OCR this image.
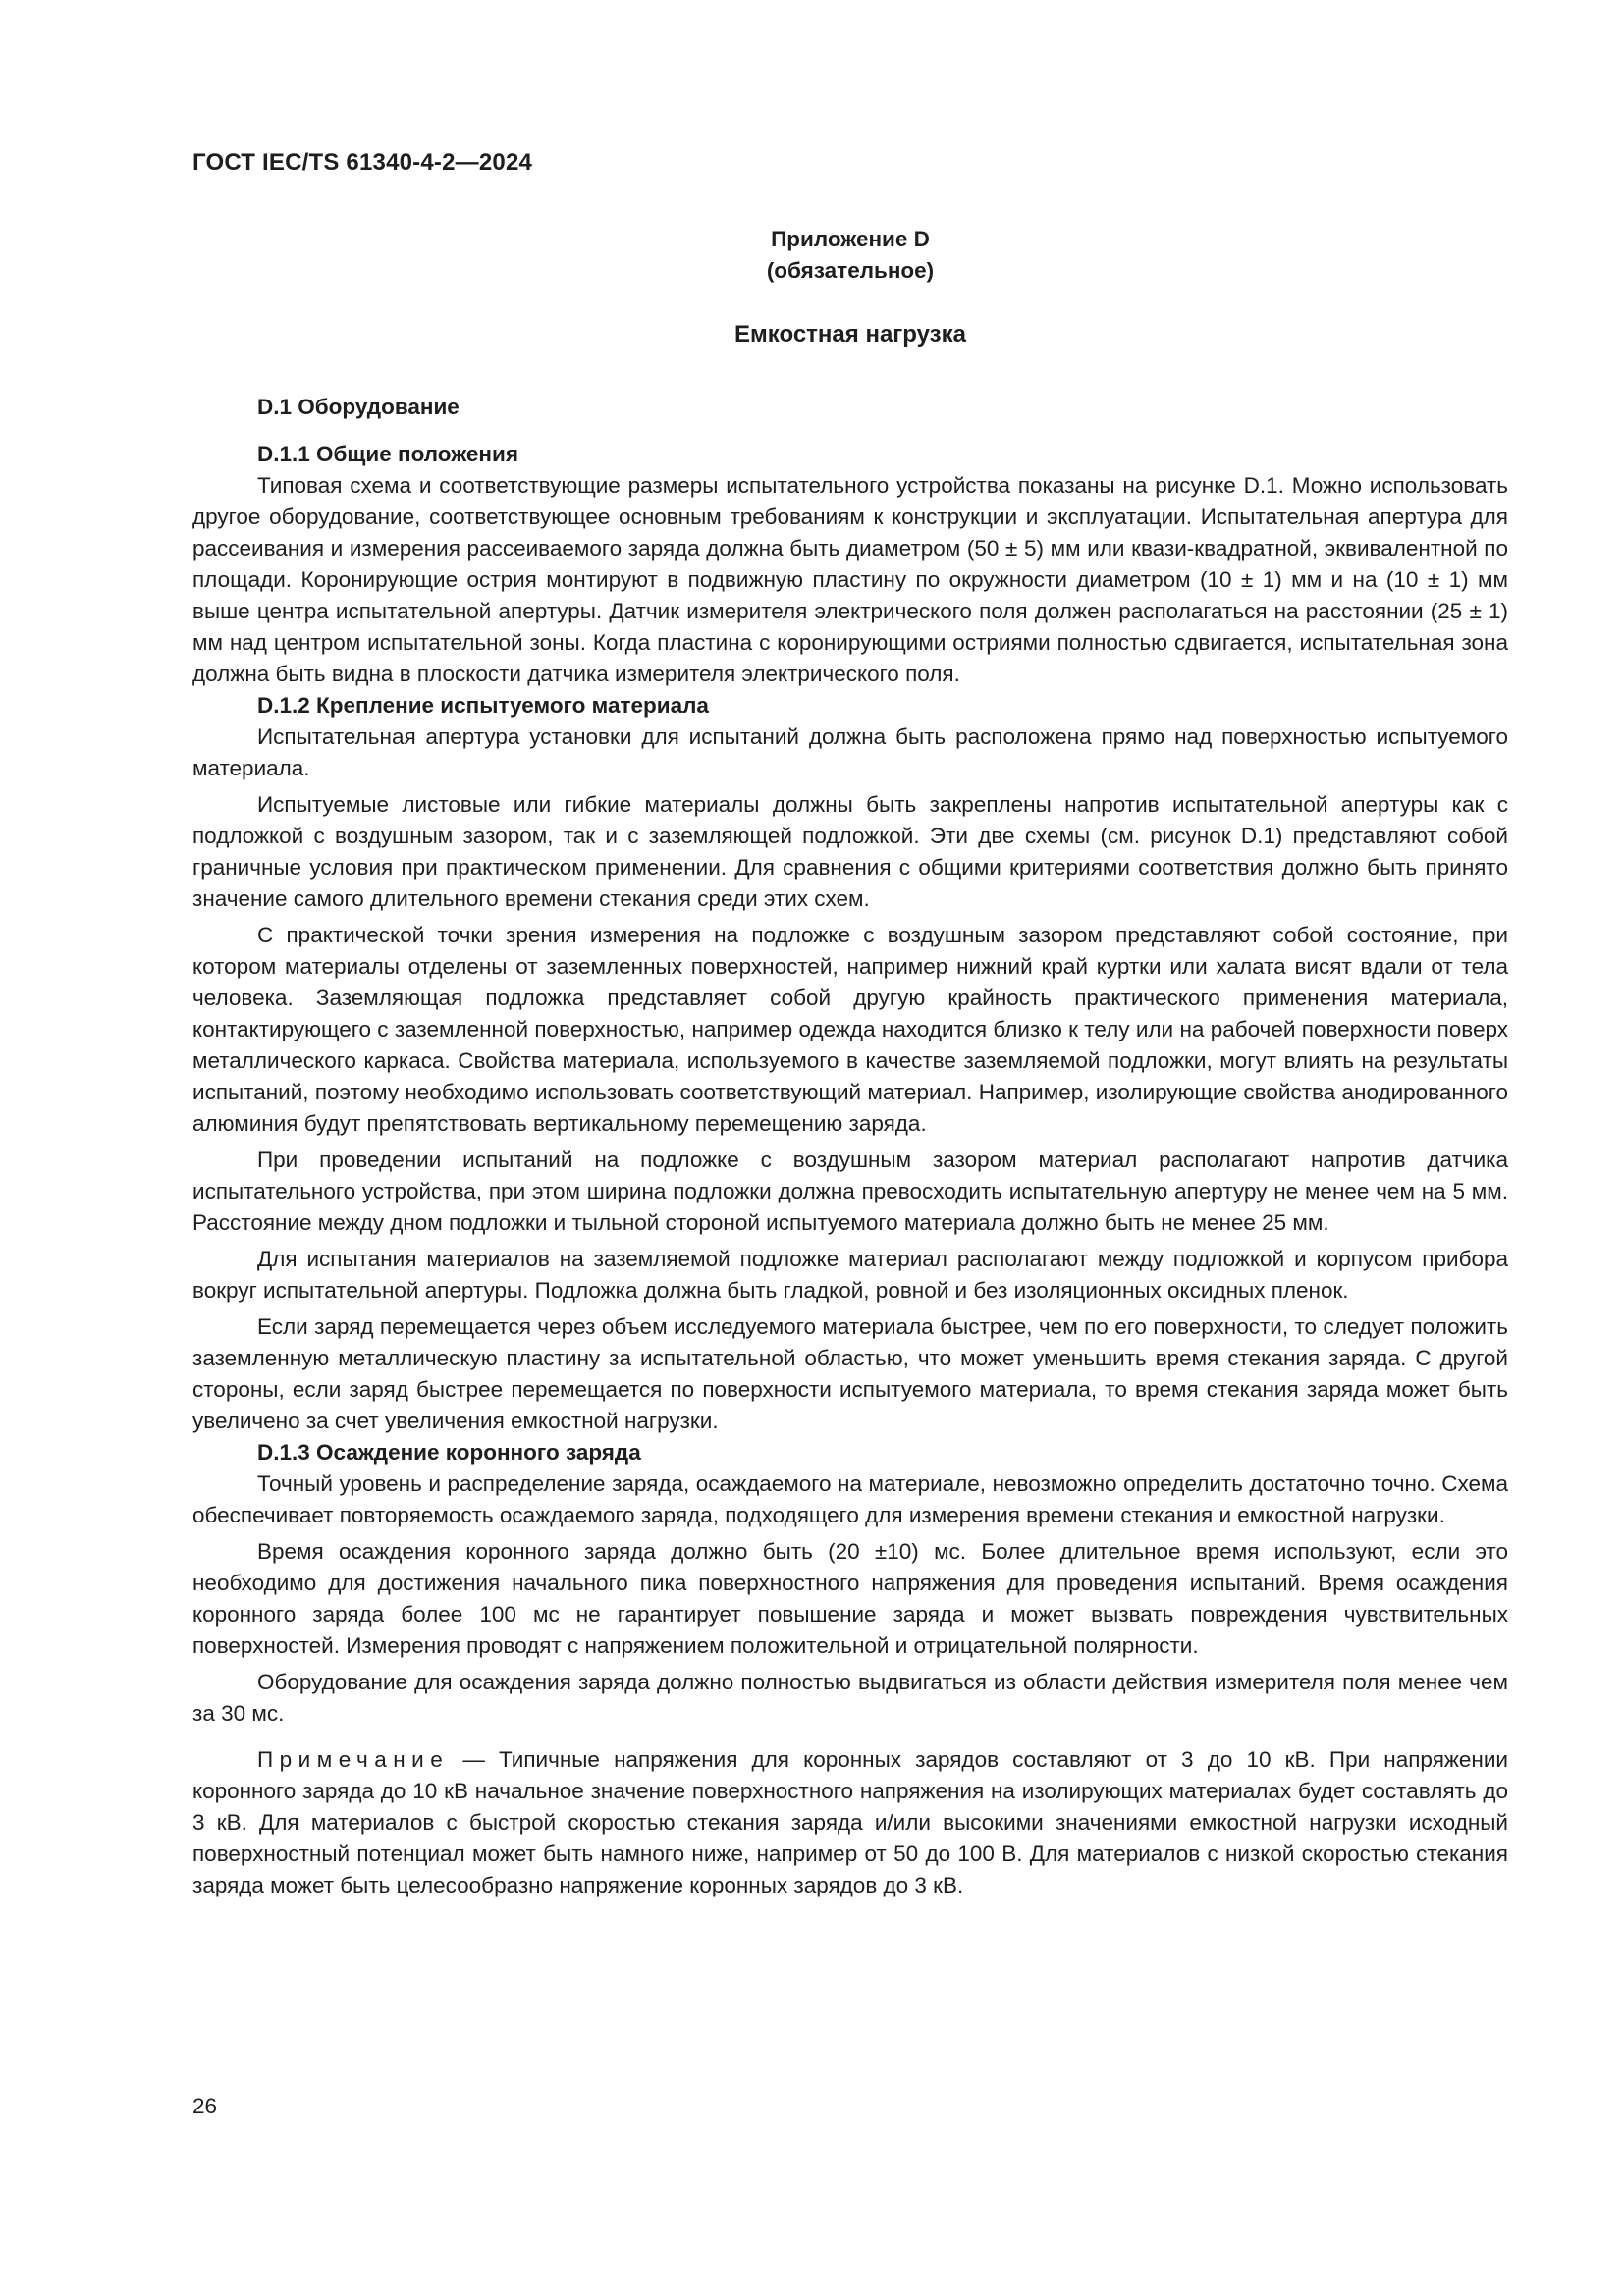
ГОСТ IEC/TS 61340-4-2—2024
Приложение D
(обязательное)
Емкостная нагрузка
D.1 Оборудование
D.1.1 Общие положения

Типовая схема и соответствующие размеры испытательного устройства показаны на рисунке D.1. Можно использовать другое оборудование, соответствующее основным требованиям к конструкции и эксплуатации. Испытательная апертура для рассеивания и измерения рассеиваемого заряда должна быть диаметром (50 ± 5) мм или квази-квадратной, эквивалентной по площади. Коронирующие острия монтируют в подвижную пластину по окружности диаметром (10 ± 1) мм и на (10 ± 1) мм выше центра испытательной апертуры. Датчик измерителя электрического поля должен располагаться на расстоянии (25 ± 1) мм над центром испытательной зоны. Когда пластина с коронирующими остриями полностью сдвигается, испытательная зона должна быть видна в плоскости датчика измерителя электрического поля.

D.1.2 Крепление испытуемого материала

Испытательная апертура установки для испытаний должна быть расположена прямо над поверхностью испытуемого материала.

Испытуемые листовые или гибкие материалы должны быть закреплены напротив испытательной апертуры как с подложкой с воздушным зазором, так и с заземляющей подложкой. Эти две схемы (см. рисунок D.1) представляют собой граничные условия при практическом применении. Для сравнения с общими критериями соответствия должно быть принято значение самого длительного времени стекания среди этих схем.

С практической точки зрения измерения на подложке с воздушным зазором представляют собой состояние, при котором материалы отделены от заземленных поверхностей, например нижний край куртки или халата висят вдали от тела человека. Заземляющая подложка представляет собой другую крайность практического применения материала, контактирующего с заземленной поверхностью, например одежда находится близко к телу или на рабочей поверхности поверх металлического каркаса. Свойства материала, используемого в качестве заземляемой подложки, могут влиять на результаты испытаний, поэтому необходимо использовать соответствующий материал. Например, изолирующие свойства анодированного алюминия будут препятствовать вертикальному перемещению заряда.

При проведении испытаний на подложке с воздушным зазором материал располагают напротив датчика испытательного устройства, при этом ширина подложки должна превосходить испытательную апертуру не менее чем на 5 мм. Расстояние между дном подложки и тыльной стороной испытуемого материала должно быть не менее 25 мм.

Для испытания материалов на заземляемой подложке материал располагают между подложкой и корпусом прибора вокруг испытательной апертуры. Подложка должна быть гладкой, ровной и без изоляционных оксидных пленок.

Если заряд перемещается через объем исследуемого материала быстрее, чем по его поверхности, то следует положить заземленную металлическую пластину за испытательной областью, что может уменьшить время стекания заряда. С другой стороны, если заряд быстрее перемещается по поверхности испытуемого материала, то время стекания заряда может быть увеличено за счет увеличения емкостной нагрузки.

D.1.3 Осаждение коронного заряда

Точный уровень и распределение заряда, осаждаемого на материале, невозможно определить достаточно точно. Схема обеспечивает повторяемость осаждаемого заряда, подходящего для измерения времени стекания и емкостной нагрузки.

Время осаждения коронного заряда должно быть (20 ±10) мс. Более длительное время используют, если это необходимо для достижения начального пика поверхностного напряжения для проведения испытаний. Время осаждения коронного заряда более 100 мс не гарантирует повышение заряда и может вызвать повреждения чувствительных поверхностей. Измерения проводят с напряжением положительной и отрицательной полярности.

Оборудование для осаждения заряда должно полностью выдвигаться из области действия измерителя поля менее чем за 30 мс.

Примечание — Типичные напряжения для коронных зарядов составляют от 3 до 10 кВ. При напряжении коронного заряда до 10 кВ начальное значение поверхностного напряжения на изолирующих материалах будет составлять до 3 кВ. Для материалов с быстрой скоростью стекания заряда и/или высокими значениями емкостной нагрузки исходный поверхностный потенциал может быть намного ниже, например от 50 до 100 В. Для материалов с низкой скоростью стекания заряда может быть целесообразно напряжение коронных зарядов до 3 кВ.

26
